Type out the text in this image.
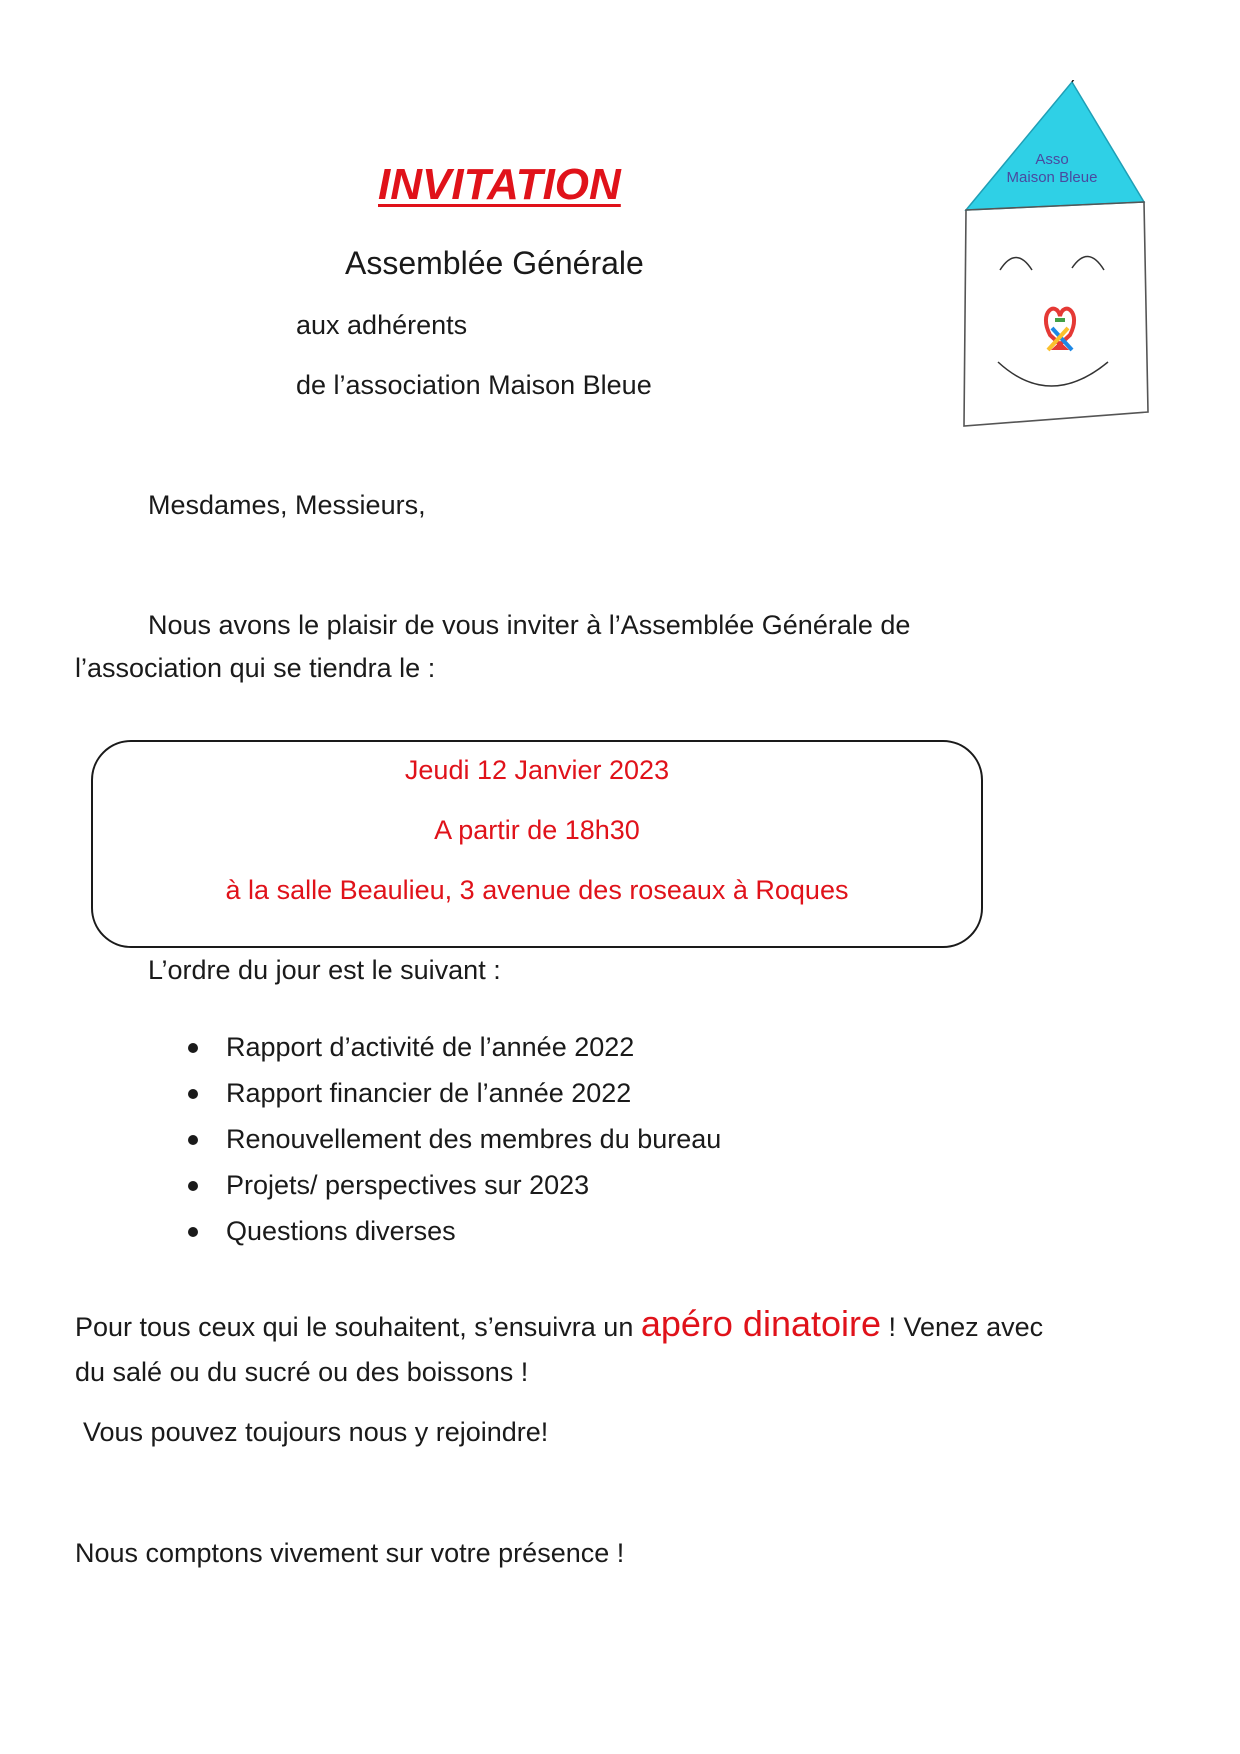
INVITATION
Assemblée Générale
aux adhérents
de l’association Maison Bleue
Asso
Maison Bleue
Mesdames, Messieurs,
Nous avons le plaisir de vous inviter à l’Assemblée Générale de
l’association qui se tiendra le :
Jeudi 12 Janvier 2023
A partir de 18h30
à la salle Beaulieu, 3 avenue des roseaux à Roques
L’ordre du jour est le suivant :
Rapport d’activité de l’année 2022
Rapport financier de l’année 2022
Renouvellement des membres du bureau
Projets/ perspectives sur 2023
Questions diverses
Pour tous ceux qui le souhaitent, s’ensuivra un apéro dinatoire ! Venez avec
du salé ou du sucré ou des boissons !
Vous pouvez toujours nous y rejoindre!
Nous comptons vivement sur votre présence !
